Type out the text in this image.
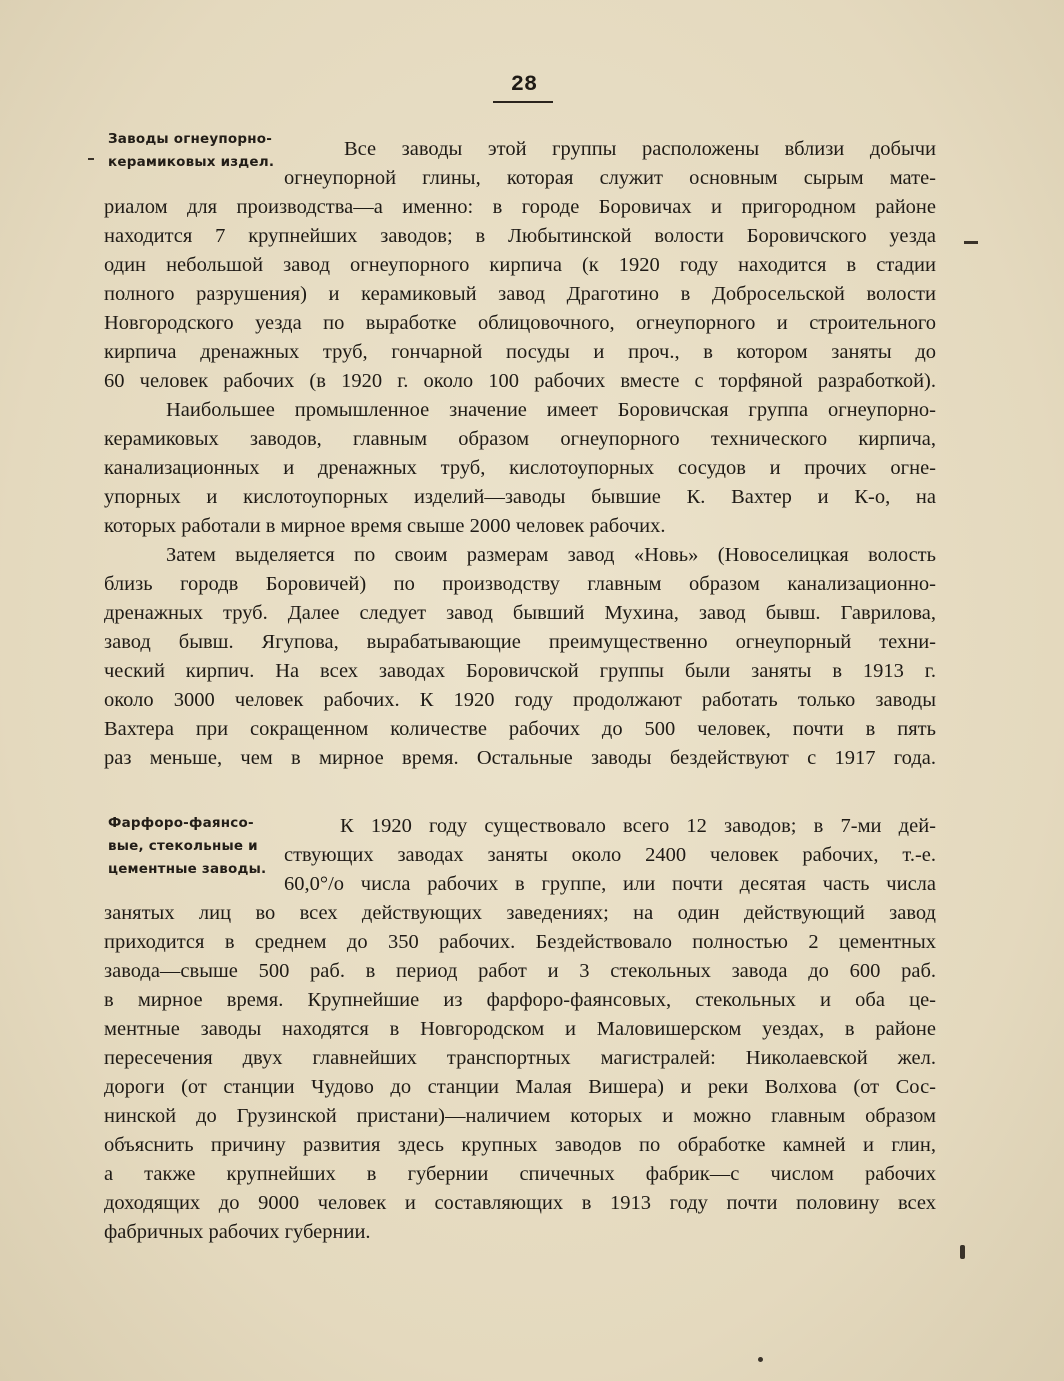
28
Заводы огнеупорно-
керамиковых издел.
Все заводы этой группы расположены вблизи добычи
огнеупорной глины, которая служит основным сырым мате-
риалом для производства—а именно: в городе Боровичах и пригородном районе
находится 7 крупнейших заводов; в Любытинской волости Боровичского уезда
один небольшой завод огнеупорного кирпича (к 1920 году находится в стадии
полного разрушения) и керамиковый завод Драготино в Добросельской волости
Новгородского уезда по выработке облицовочного, огнеупорного и строительного
кирпича дренажных труб, гончарной посуды и проч., в котором заняты до
60 человек рабочих (в 1920 г. около 100 рабочих вместе с торфяной разработкой).
Наибольшее промышленное значение имеет Боровичская группа огнеупорно-
керамиковых заводов, главным образом огнеупорного технического кирпича,
канализационных и дренажных труб, кислотоупорных сосудов и прочих огне-
упорных и кислотоупорных изделий—заводы бывшие К. Вахтер и К-о, на
которых работали в мирное время свыше 2000 человек рабочих.
Затем выделяется по своим размерам завод «Новь» (Новоселицкая волость
близь городв Боровичей) по производству главным образом канализационно-
дренажных труб. Далее следует завод бывший Мухина, завод бывш. Гаврилова,
завод бывш. Ягупова, вырабатывающие преимущественно огнеупорный техни-
ческий кирпич. На всех заводах Боровичской группы были заняты в 1913 г.
около 3000 человек рабочих. К 1920 году продолжают работать только заводы
Вахтера при сокращенном количестве рабочих до 500 человек, почти в пять
раз меньше, чем в мирное время. Остальные заводы бездействуют с 1917 года.
Фарфоро-фаянсо-
вые, стекольные и
цементные заводы.
К 1920 году существовало всего 12 заводов; в 7-ми дей-
ствующих заводах заняты около 2400 человек рабочих, т.-е.
60,0°/о числа рабочих в группе, или почти десятая часть числа
занятых лиц во всех действующих заведениях; на один действующий завод
приходится в среднем до 350 рабочих. Бездействовало полностью 2 цементных
завода—свыше 500 раб. в период работ и 3 стекольных завода до 600 раб.
в мирное время. Крупнейшие из фарфоро-фаянсовых, стекольных и оба це-
ментные заводы находятся в Новгородском и Маловишерском уездах, в районе
пересечения двух главнейших транспортных магистралей: Николаевской жел.
дороги (от станции Чудово до станции Малая Вишера) и реки Волхова (от Сос-
нинской до Грузинской пристани)—наличием которых и можно главным образом
объяснить причину развития здесь крупных заводов по обработке камней и глин,
а также крупнейших в губернии спичечных фабрик—с числом рабочих
доходящих до 9000 человек и составляющих в 1913 году почти половину всех
фабричных рабочих губернии.
